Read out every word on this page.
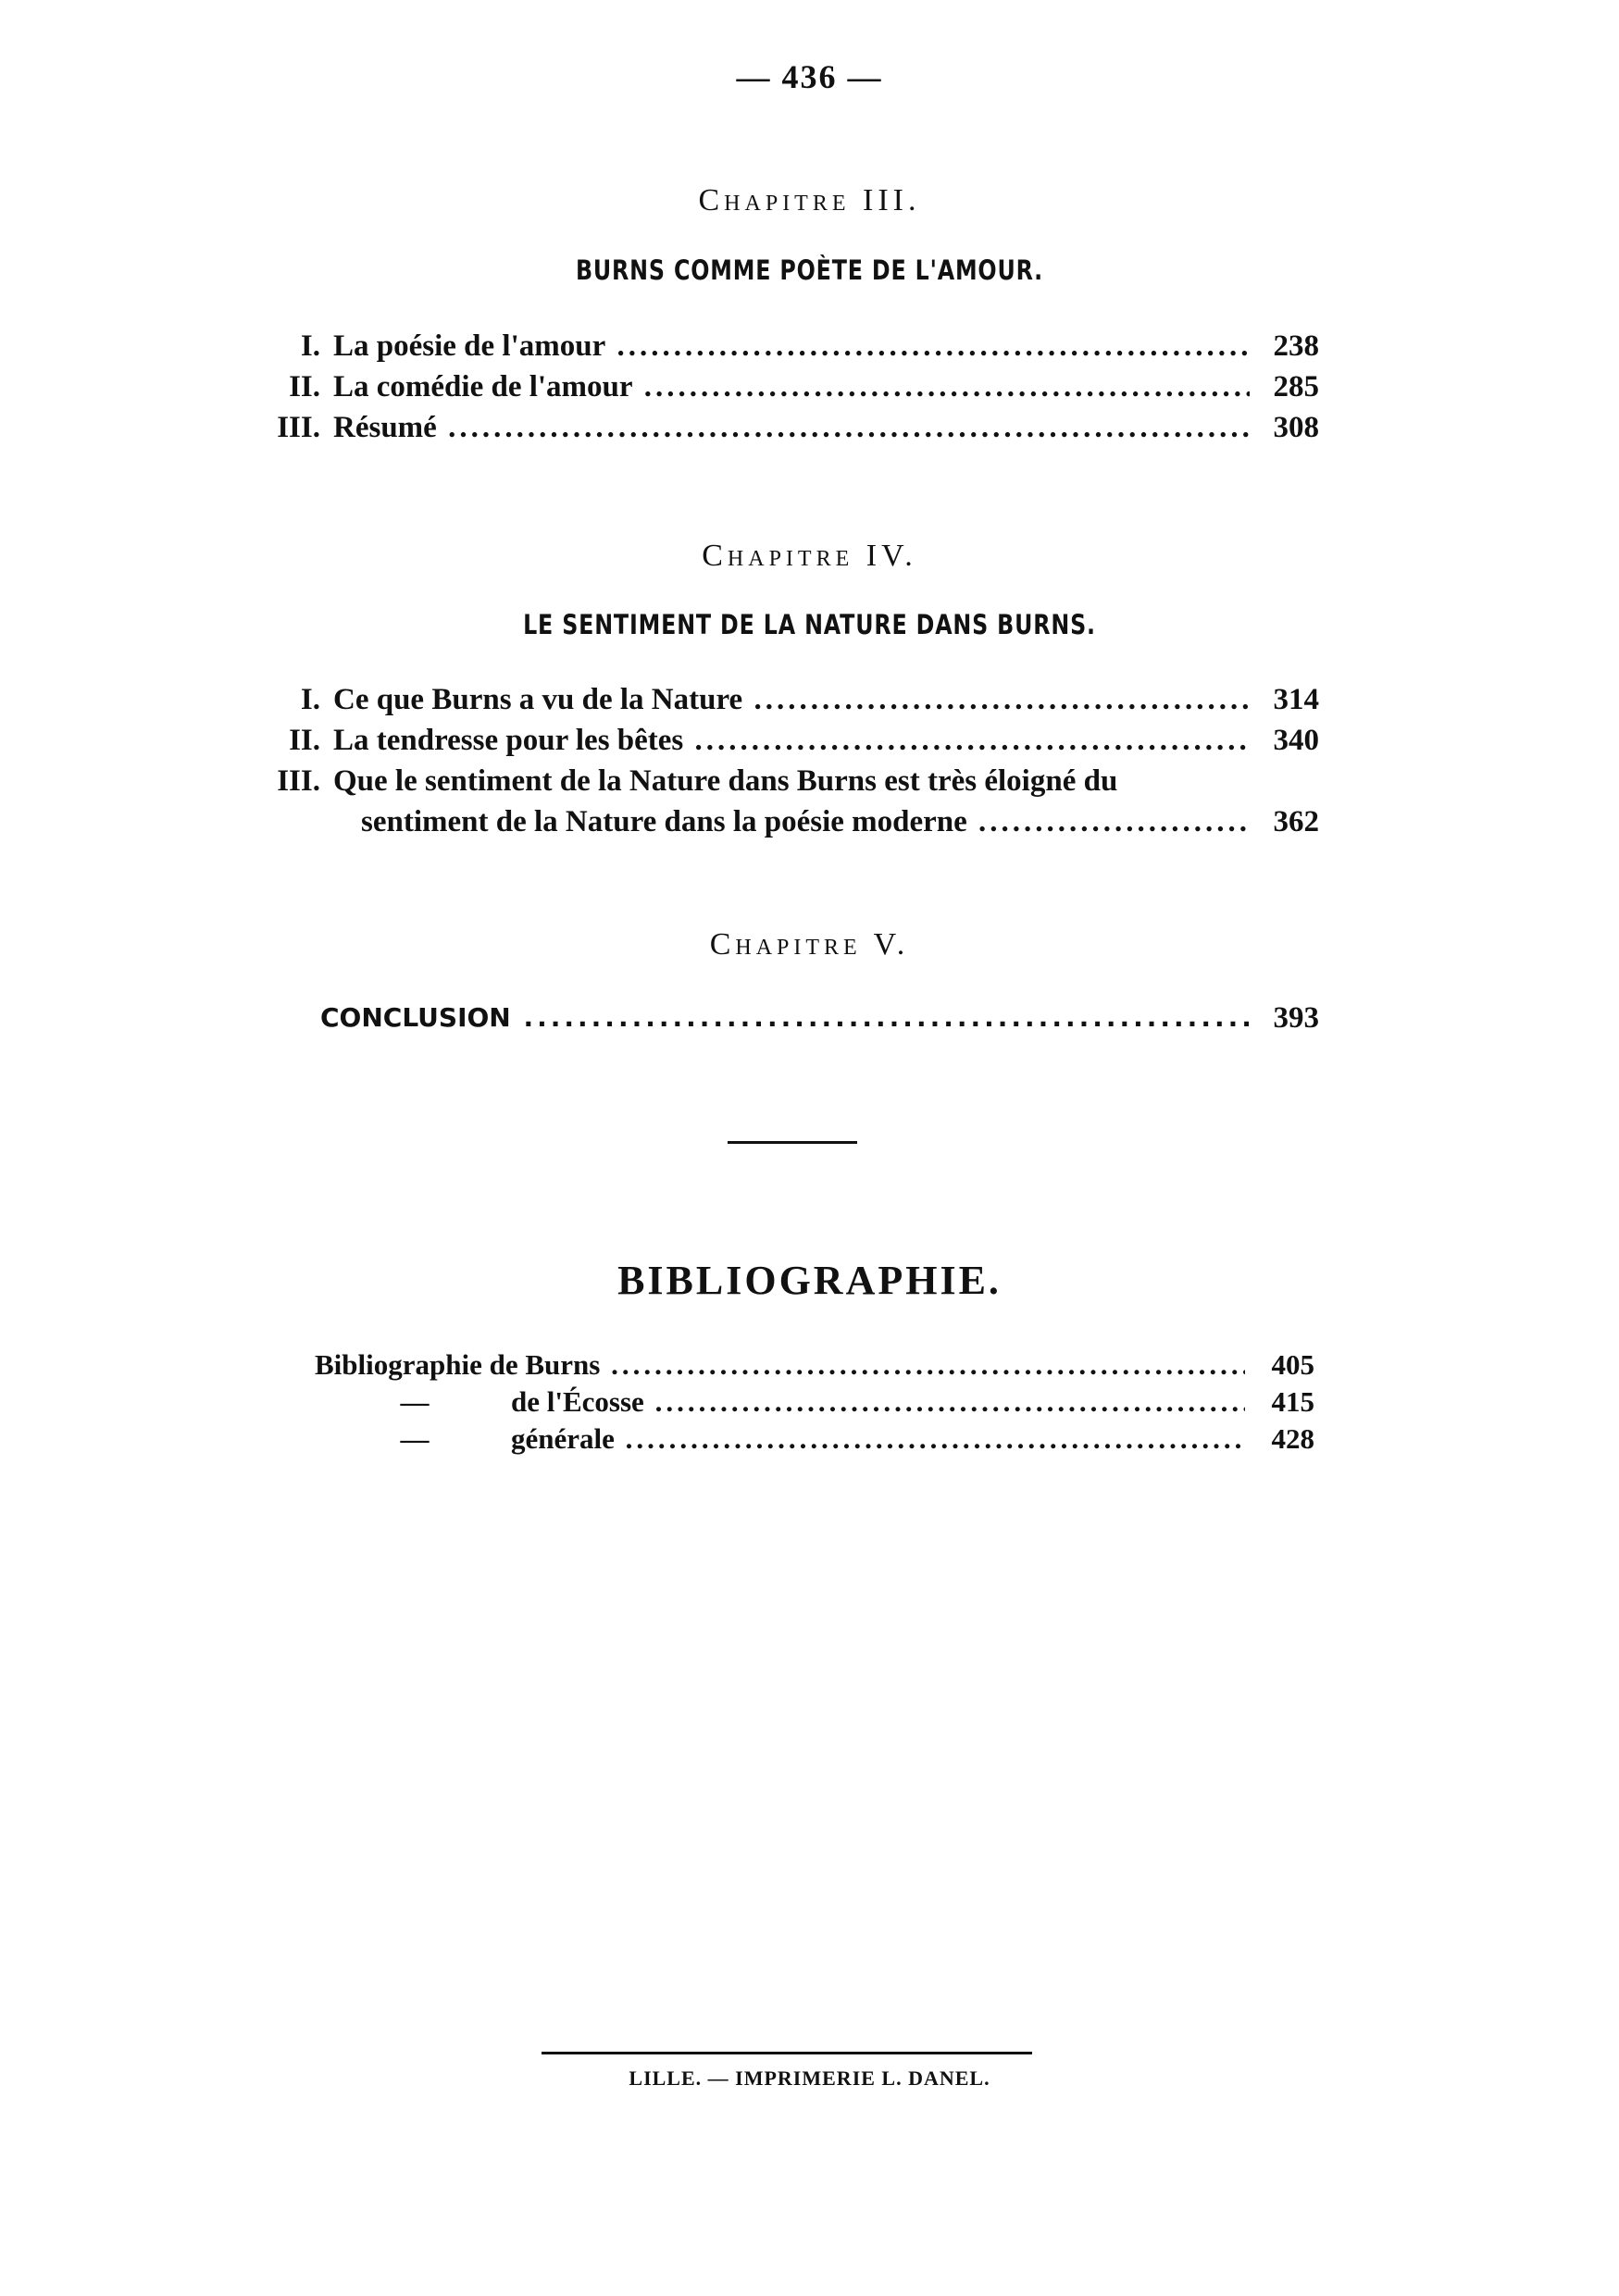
— 436 —
Chapitre III.
BURNS COMME POÈTE DE L'AMOUR.
I. La poésie de l'amour .....	238
II. La comédie de l'amour .....	285
III. Résumé .....	308
Chapitre IV.
LE SENTIMENT DE LA NATURE DANS BURNS.
I. Ce que Burns a vu de la Nature .....	314
II. La tendresse pour les bêtes .....	340
III. Que le sentiment de la Nature dans Burns est très éloigné du
sentiment de la Nature dans la poésie moderne .....	362
Chapitre V.
CONCLUSION .....	393
BIBLIOGRAPHIE.
Bibliographie de Burns .....	405
—	de l'Écosse .....	415
—	générale .....	428
LILLE. — IMPRIMERIE L. DANEL.
